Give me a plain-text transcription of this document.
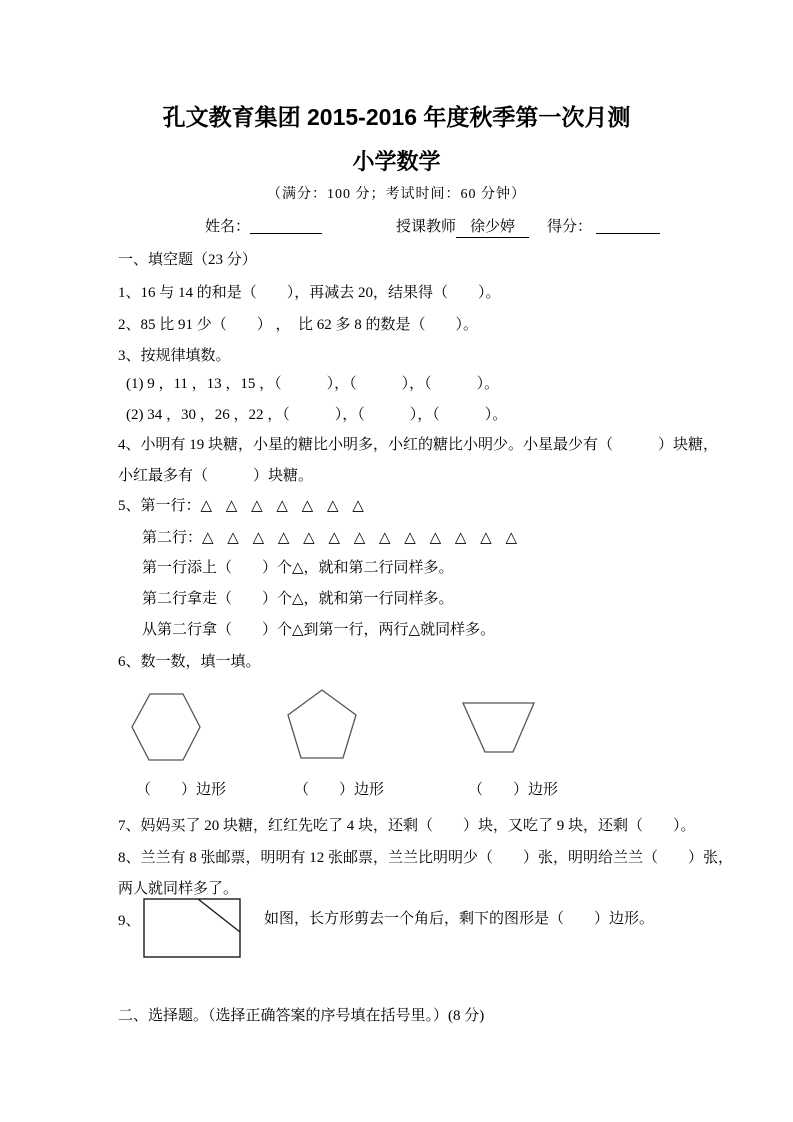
孔文教育集团 2015-2016 年度秋季第一次月测
小学数学
（满分：100 分；考试时间：60 分钟）
姓名：	授课教师 徐少婷 得分：
一、填空题（23 分）
1、16 与 14 的和是（　　），再减去 20，结果得（　　）。
2、85 比 91 少（　　） ，　比 62 多 8 的数是（　　）。
3、按规律填数。
(1) 9 ，11 ，13 ，15 ，（　　　），（　　　），（　　　）。
(2) 34 ，30 ，26 ，22 ，（　　　），（　　　），（　　　）。
4、小明有 19 块糖，小星的糖比小明多，小红的糖比小明少。小星最少有（　　　）块糖，
小红最多有（　　　）块糖。
5、第一行：△ △ △ △ △ △ △
第二行：△ △ △ △ △ △ △ △ △ △ △ △ △
第一行添上（　　）个△，就和第二行同样多。
第二行拿走（　　）个△，就和第一行同样多。
从第二行拿（　　）个△到第一行，两行△就同样多。
6、数一数，填一填。
（　　）边形	（　　）边形	（　　）边形
7、妈妈买了 20 块糖，红红先吃了 4 块，还剩（　　）块，又吃了 9 块，还剩（　　）。
8、兰兰有 8 张邮票，明明有 12 张邮票，兰兰比明明少（　　）张，明明给兰兰（　　）张，
两人就同样多了。
9、	如图，长方形剪去一个角后，剩下的图形是（　　）边形。
二、选择题。（选择正确答案的序号填在括号里。）(8 分)
